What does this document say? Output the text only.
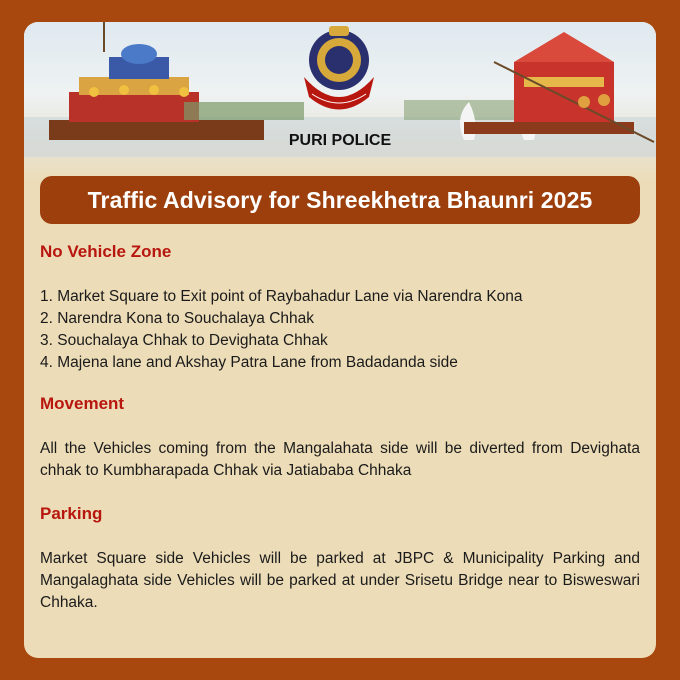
PURI POLICE
Traffic Advisory for Shreekhetra Bhaunri 2025
No Vehicle Zone
1. Market Square to Exit point of Raybahadur Lane via Narendra Kona
2. Narendra Kona to Souchalaya Chhak
3. Souchalaya Chhak to Devighata Chhak
4. Majena lane and Akshay Patra Lane from Badadanda side
Movement

All the Vehicles coming from the Mangalahata side will be diverted from Devighata chhak to Kumbharapada Chhak via Jatiababa Chhaka

Parking

Market Square side Vehicles will be parked at JBPC & Municipality Parking and Mangalaghata side Vehicles will be parked at under Srisetu Bridge near to Bisweswari Chhaka.
